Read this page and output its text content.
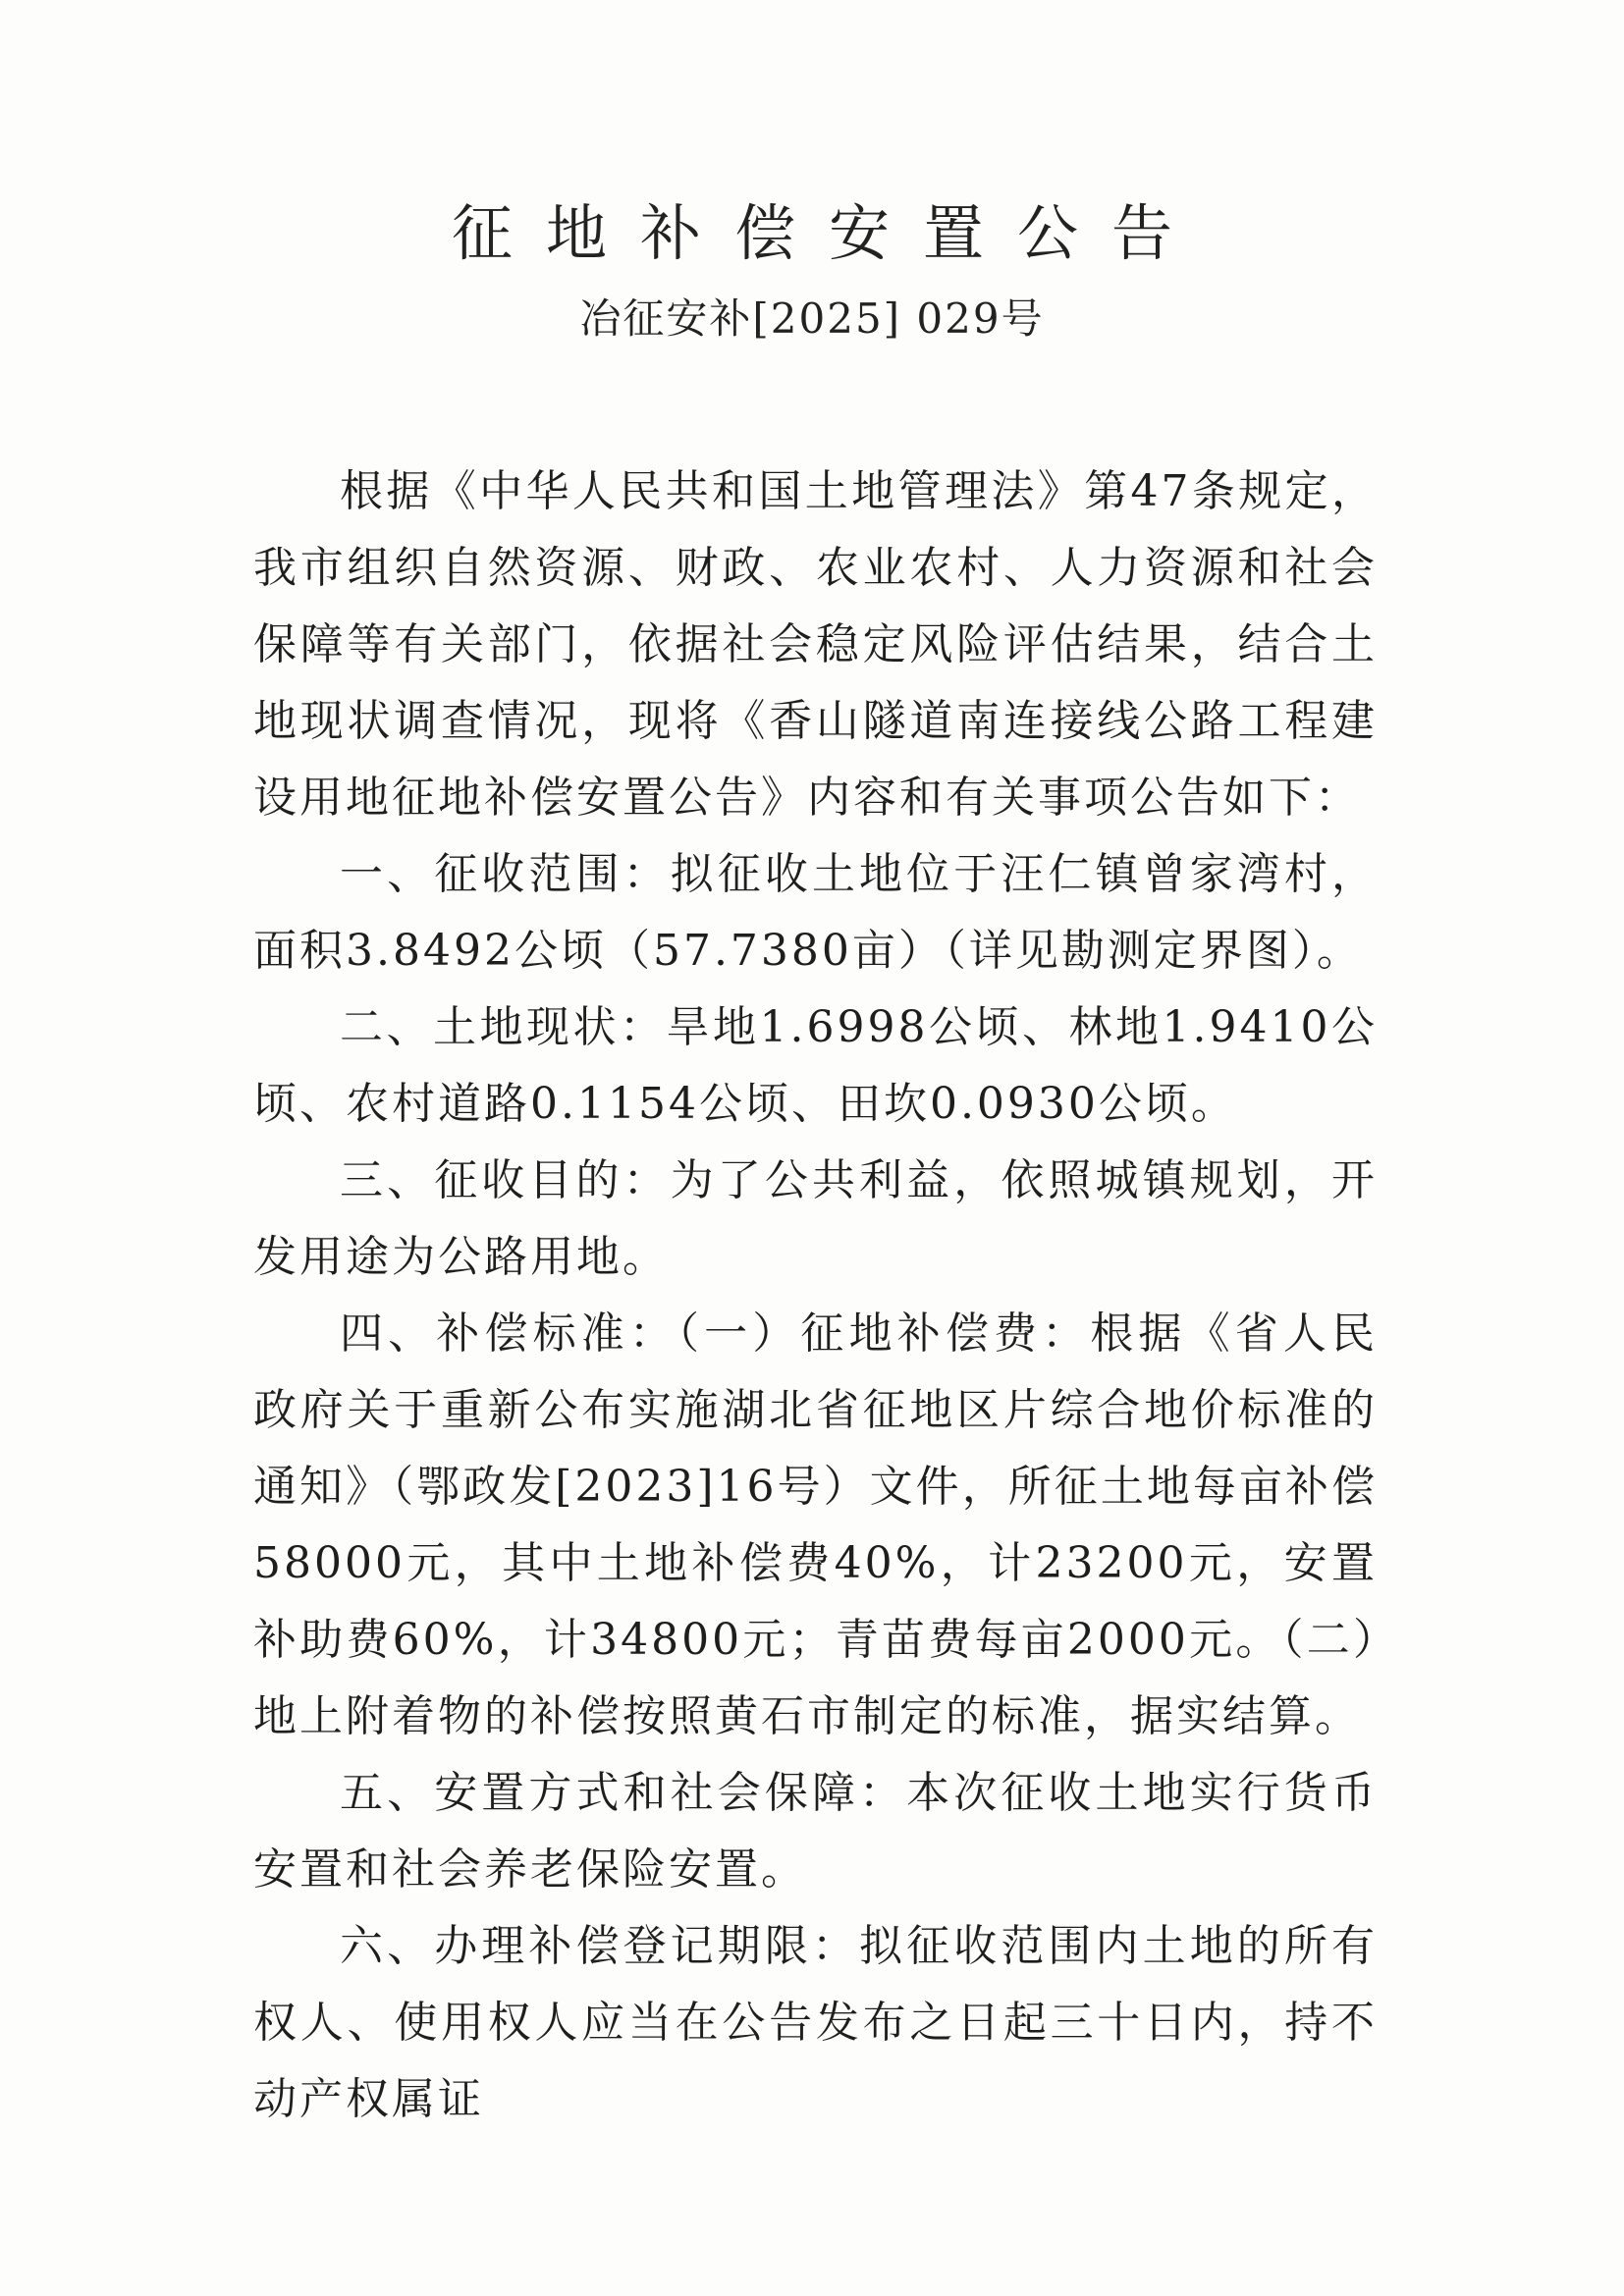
征地补偿安置公告
冶征安补[2025] 029号

根据《中华人民共和国土地管理法》第47条规定，我市组织自然资源、财政、农业农村、人力资源和社会保障等有关部门，依据社会稳定风险评估结果，结合土地现状调查情况，现将《香山隧道南连接线公路工程建设用地征地补偿安置公告》内容和有关事项公告如下：

一、征收范围：拟征收土地位于汪仁镇曾家湾村，面积3.8492公顷（57.7380亩）（详见勘测定界图）。

二、土地现状：旱地1.6998公顷、林地1.9410公顷、农村道路0.1154公顷、田坎0.0930公顷。

三、征收目的：为了公共利益，依照城镇规划，开发用途为公路用地。

四、补偿标准：（一）征地补偿费：根据《省人民政府关于重新公布实施湖北省征地区片综合地价标准的通知》（鄂政发[2023]16号）文件，所征土地每亩补偿58000元，其中土地补偿费40%，计23200元，安置补助费60%，计34800元；青苗费每亩2000元。（二）地上附着物的补偿按照黄石市制定的标准，据实结算。

五、安置方式和社会保障：本次征收土地实行货币安置和社会养老保险安置。

六、办理补偿登记期限：拟征收范围内土地的所有权人、使用权人应当在公告发布之日起三十日内，持不动产权属证
